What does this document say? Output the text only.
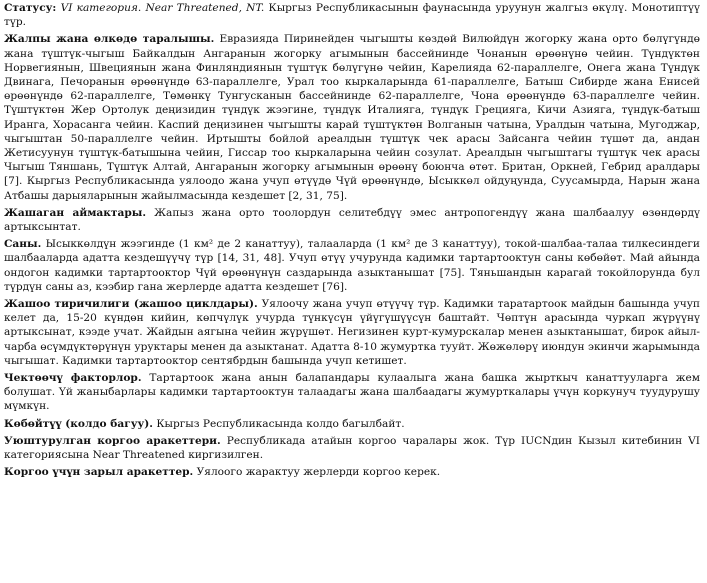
Статусу: VI категория. Near Threatened, NT. Кыргыз Республикасынын фаунасында уруунун жалгыз өкүлү. Монотиптүү түр.

Жалпы жана өлкөдө таралышы. Евразияда Пиринейден чыгышты көздөй Вилюйдүн жогорку жана орто бөлүгүндө жана түштүк-чыгыш Байкалдын Ангаранын жогорку агымынын бассейнинде Чонанын өрөөнүнө чейин. Түндүктөн Норвегиянын, Швециянын жана Финляндиянын түштүк бөлүгүнө чейин, Карелияда 62-параллелге, Онега жана Түндүк Двинага, Печоранын өрөөнүндө 63-параллелге, Урал тоо кыркаларында 61-параллелге, Батыш Сибирде жана Енисей өрөөнүндө 62-параллелге, Төмөнкү Тунгусканын бассейнинде 62-параллелге, Чона өрөөнүндө 63-параллелге чейин. Түштүктөн Жер Ортолук деңизидин түндүк жээгине, түндүк Италияга, түндүк Грецияга, Кичи Азияга, түндүк-батыш Иранга, Хорасанга чейин. Каспий деңизинен чыгышты карай түштүктөн Волганын чатына, Уралдын чатына, Мугоджар, чыгыштан 50-параллелге чейин. Иртышты бойлой ареалдын түштүк чек арасы Зайсанга чейин түшөт да, андан Жетисуунун түштүк-батышына чейин, Гиссар тоо кыркаларына чейин созулат. Ареалдын чыгыштагы түштүк чек арасы Чыгыш Тяншань, Түштүк Алтай, Ангаранын жогорку агымынын өрөөнү боюнча өтөт. Британ, Оркней, Гебрид аралдары [7]. Кыргыз Республикасында уялоодо жана учуп өтүүдө Чүй өрөөнүндө, Ысыккөл ойдуңунда, Суусамырда, Нарын жана Атбашы дарыяларынын жайылмасында кездешет [2, 31, 75].

Жашаган аймактары. Жапыз жана орто тоолордун селитебдүү эмес антропогендүү жана шалбаалуу өзөндөрдү артыксынтат.

Саны. Ысыккөлдүн жээгинде (1 км² де 2 канаттуу), талааларда (1 км² де 3 канаттуу), токой-шалбаа-талаа тилкесиндеги шалбааларда адатта кездешүүчү түр [14, 31, 48]. Учуп өтүү учурунда кадимки тартартооктун саны көбөйөт. Май айында ондогон кадимки тартартооктор Чүй өрөөнүнүн саздарында азыктанышат [75]. Тяньшандын карагай токойлорунда бул түрдүн саны аз, кээбир гана жерлерде адатта кездешет [76].

Жашоо тиричилиги (жашоо циклдары). Уялоочу жана учуп өтүүчү түр. Кадимки таратартоок майдын башында учуп келет да, 15-20 күндөн кийин, көпчүлүк учурда түнкүсүн үйүгүшүүсүн баштайт. Чөптүн арасында чуркап жүрүүнү артыксынат, кээде учат. Жайдын аягына чейин жүрүшөт. Негизинен курт-кумурскалар менен азыктанышат, бирок айыл-чарба өсүмдүктөрүнүн уруктары менен да азыктанат. Адатта 8-10 жумуртка тууйт. Жөжөлөрү июндун экинчи жарымында чыгышат. Кадимки тартартооктор сентябрдын башында учуп кетишет.

Чектөөчү факторлор. Тартартоок жана анын балапандары кулаалыга жана башка жырткыч канаттууларга жем болушат. Үй жаныбарлары кадимки тартартооктун талаадагы жана шалбаадагы жумурткалары үчүн коркунуч туудурушу мүмкүн.

Көбөйтүү (колдо багуу). Кыргыз Республикасында колдо багылбайт.

Уюштурулган коргоо аракеттери. Республикада атайын коргоо чаралары жок. Түр IUCNдин Кызыл китебинин VI категориясына Near Threatened киргизилген.

Коргоо үчүн зарыл аракеттер. Уялоого жарактуу жерлерди коргоо керек.
